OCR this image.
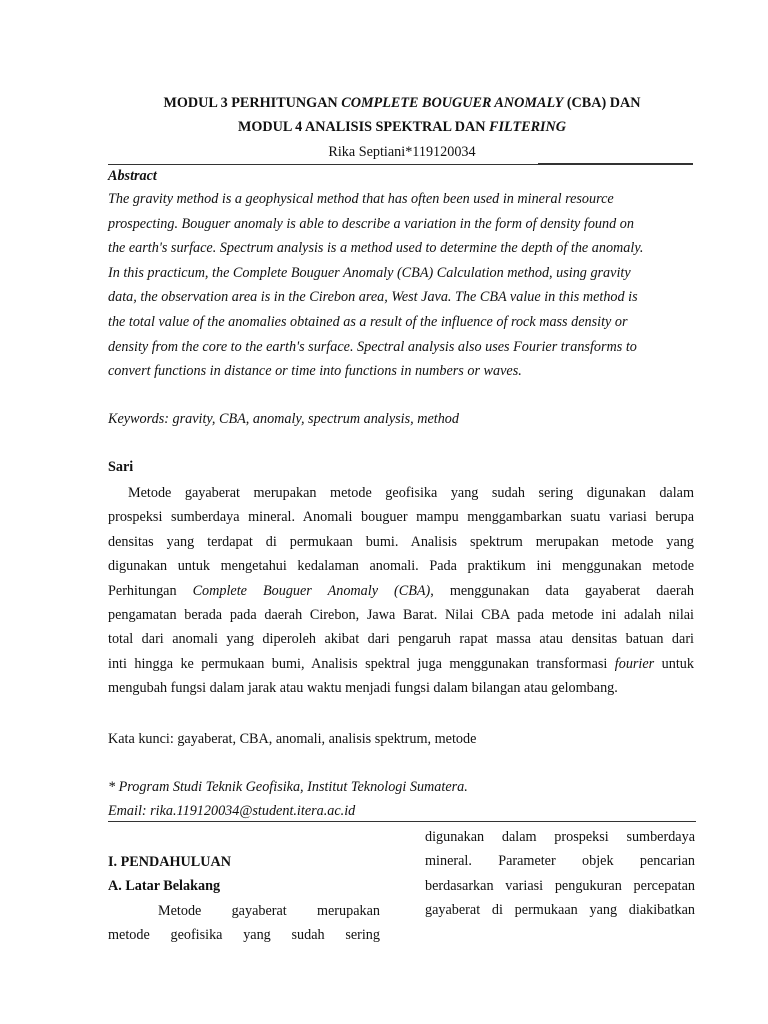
MODUL 3 PERHITUNGAN COMPLETE BOUGUER ANOMALY (CBA) DAN
MODUL 4 ANALISIS SPEKTRAL DAN FILTERING
Rika Septiani*119120034
Abstract
The gravity method is a geophysical method that has often been used in mineral resource
prospecting. Bouguer anomaly is able to describe a variation in the form of density found on
the earth's surface. Spectrum analysis is a method used to determine the depth of the anomaly.
In this practicum, the Complete Bouguer Anomaly (CBA) Calculation method, using gravity
data, the observation area is in the Cirebon area, West Java. The CBA value in this method is
the total value of the anomalies obtained as a result of the influence of rock mass density or
density from the core to the earth's surface. Spectral analysis also uses Fourier transforms to
convert functions in distance or time into functions in numbers or waves.
Keywords: gravity, CBA, anomaly, spectrum analysis, method
Sari
Metode gayaberat merupakan metode geofisika yang sudah sering digunakan dalam
prospeksi sumberdaya mineral. Anomali bouguer mampu menggambarkan suatu variasi berupa
densitas yang terdapat di permukaan bumi. Analisis spektrum merupakan metode yang
digunakan untuk mengetahui kedalaman anomali. Pada praktikum ini menggunakan metode
Perhitungan Complete Bouguer Anomaly (CBA), menggunakan data gayaberat daerah
pengamatan berada pada daerah Cirebon, Jawa Barat. Nilai CBA pada metode ini adalah nilai
total dari anomali yang diperoleh akibat dari pengaruh rapat massa atau densitas batuan dari
inti hingga ke permukaan bumi, Analisis spektral juga menggunakan transformasi fourier untuk
mengubah fungsi dalam jarak atau waktu menjadi fungsi dalam bilangan atau gelombang.
Kata kunci: gayaberat, CBA, anomali, analisis spektrum, metode
* Program Studi Teknik Geofisika, Institut Teknologi Sumatera.
Email: rika.119120034@student.itera.ac.id
I. PENDAHULUAN
A. Latar Belakang
Metode gayaberat merupakan
metode geofisika yang sudah sering
digunakan dalam prospeksi sumberdaya
mineral. Parameter objek pencarian
berdasarkan variasi pengukuran percepatan
gayaberat di permukaan yang diakibatkan
